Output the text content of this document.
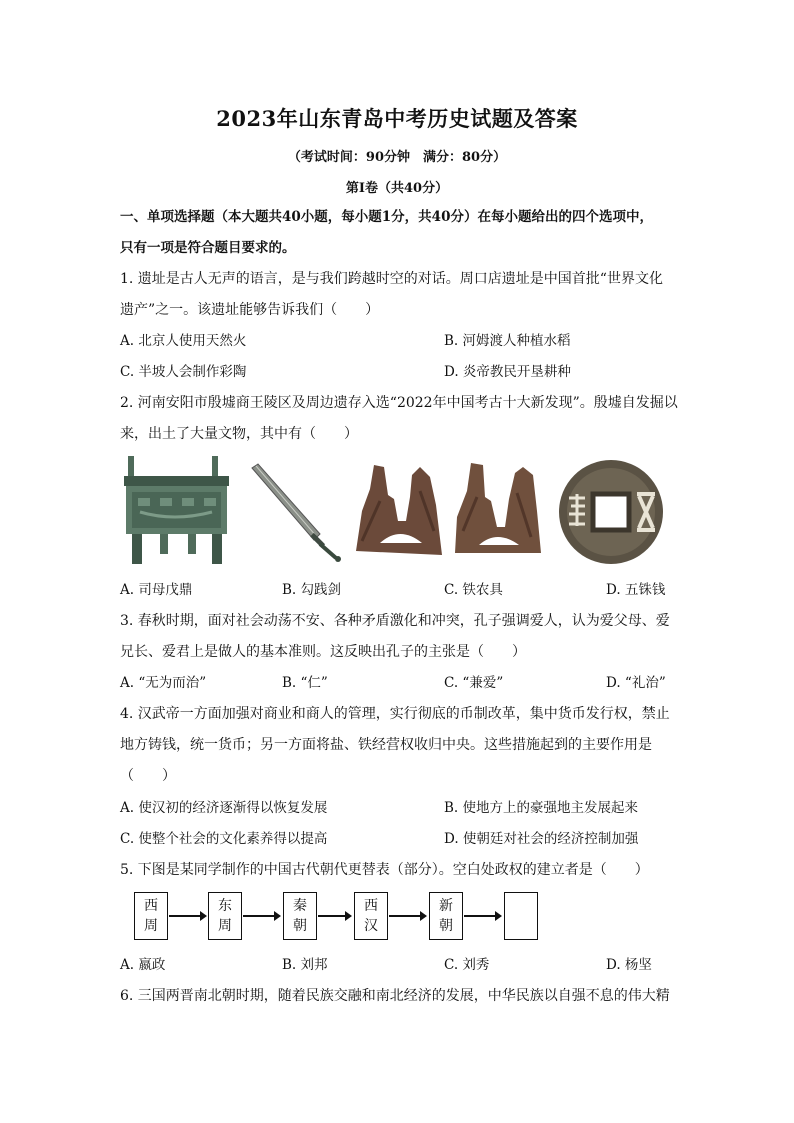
2023年山东青岛中考历史试题及答案
（考试时间：90分钟　满分：80分）
第Ⅰ卷（共40分）
一、单项选择题（本大题共40小题，每小题1分，共40分）在每小题给出的四个选项中，
只有一项是符合题目要求的。
1. 遗址是古人无声的语言，是与我们跨越时空的对话。周口店遗址是中国首批“世界文化
遗产”之一。该遗址能够告诉我们（　　）
A. 北京人使用天然火	B. 河姆渡人种植水稻
C. 半坡人会制作彩陶	D. 炎帝教民开垦耕种
2. 河南安阳市殷墟商王陵区及周边遗存入选“2022年中国考古十大新发现”。殷墟自发掘以
来，出土了大量文物，其中有（　　）
A. 司母戊鼎	B. 勾践剑	C. 铁农具	D. 五铢钱
3. 春秋时期，面对社会动荡不安、各种矛盾激化和冲突，孔子强调爱人，认为爱父母、爱
兄长、爱君上是做人的基本准则。这反映出孔子的主张是（　　）
A. “无为而治”	B. “仁”	C. “兼爱”	D. “礼治”
4. 汉武帝一方面加强对商业和商人的管理，实行彻底的币制改革，集中货币发行权，禁止
地方铸钱，统一货币；另一方面将盐、铁经营权收归中央。这些措施起到的主要作用是
（　　）
A. 使汉初的经济逐渐得以恢复发展	B. 使地方上的豪强地主发展起来
C. 使整个社会的文化素养得以提高	D. 使朝廷对社会的经济控制加强
5. 下图是某同学制作的中国古代朝代更替表（部分）。空白处政权的建立者是（　　）
西
周
东
周
秦
朝
西
汉
新
朝
A. 嬴政	B. 刘邦	C. 刘秀	D. 杨坚
6. 三国两晋南北朝时期，随着民族交融和南北经济的发展，中华民族以自强不息的伟大精
